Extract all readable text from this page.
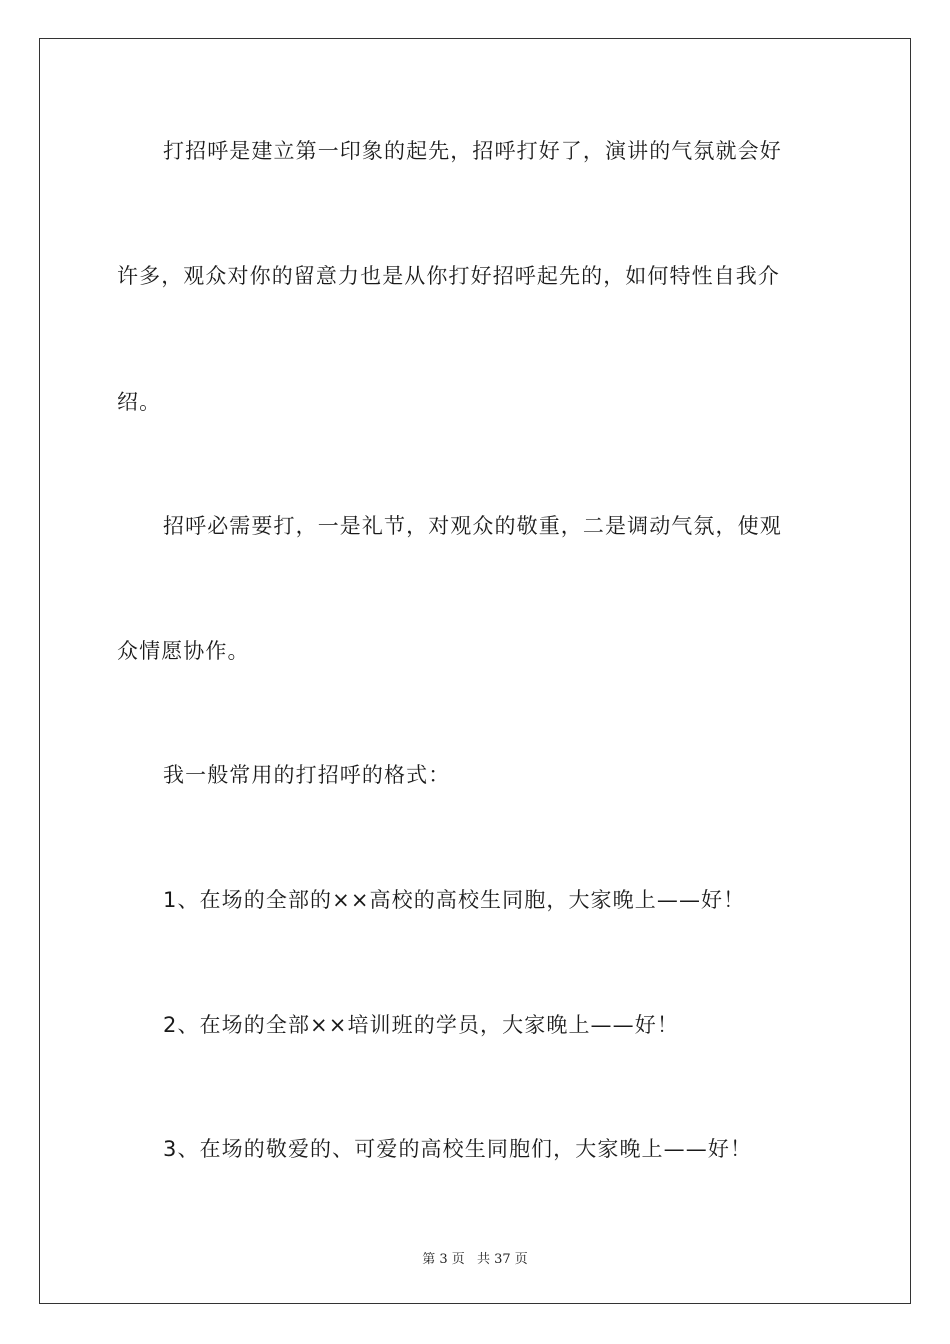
打招呼是建立第一印象的起先，招呼打好了，演讲的气氛就会好
许多，观众对你的留意力也是从你打好招呼起先的，如何特性自我介
绍。
招呼必需要打，一是礼节，对观众的敬重，二是调动气氛，使观
众情愿协作。
我一般常用的打招呼的格式：
1、在场的全部的××高校的高校生同胞，大家晚上——好！
2、在场的全部××培训班的学员，大家晚上——好！
3、在场的敬爱的、可爱的高校生同胞们，大家晚上——好！
第 3 页 共 37 页
